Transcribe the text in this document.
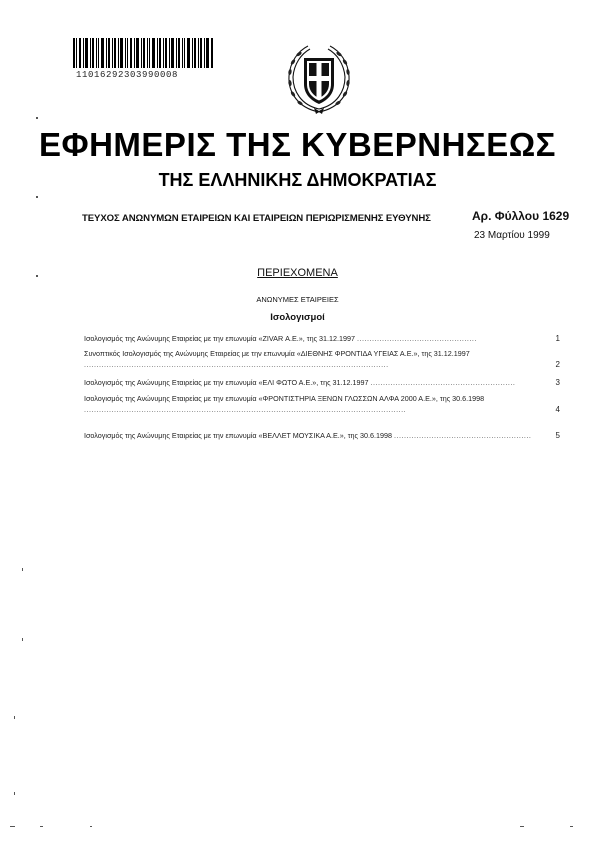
11016292303990008
ΕΦΗΜΕΡΙΣ ΤΗΣ ΚΥΒΕΡΝΗΣΕΩΣ
ΤΗΣ ΕΛΛΗΝΙΚΗΣ ΔΗΜΟΚΡΑΤΙΑΣ
ΤΕΥΧΟΣ ΑΝΩΝΥΜΩΝ ΕΤΑΙΡΕΙΩΝ ΚΑΙ ΕΤΑΙΡΕΙΩΝ ΠΕΡΙΩΡΙΣΜΕΝΗΣ ΕΥΘΥΝΗΣ	Αρ. Φύλλου 1629
23 Μαρτίου 1999
ΠΕΡΙΕΧΟΜΕΝΑ
ΑΝΩΝΥΜΕΣ ΕΤΑΙΡΕΙΕΣ
Ισολογισμοί
Ισολογισμός της Ανώνυμης Εταιρείας με την επωνυμία «ZIVAR Α.Ε.», της 31.12.1997 ................................................	1
Συνοπτικός Ισολογισμός της Ανώνυμης Εταιρείας με την επωνυμία «ΔΙΕΘΝΗΣ ΦΡΟΝΤΙΔΑ ΥΓΕΙΑΣ Α.Ε.», της 31.12.1997 ..........................................................................................................................	2
Ισολογισμός της Ανώνυμης Εταιρείας με την επωνυμία «ΕΛΙ ΦΩΤΟ Α.Ε.», της 31.12.1997 ..........................................................	3
Ισολογισμός της Ανώνυμης Εταιρείας με την επωνυμία «ΦΡΟΝΤΙΣΤΗΡΙΑ ΞΕΝΩΝ ΓΛΩΣΣΩΝ ΑΛΦΑ 2000 Α.Ε.», της 30.6.1998 .................................................................................................................................	4
Ισολογισμός της Ανώνυμης Εταιρείας με την επωνυμία «ΒΕΛΛΕΤ ΜΟΥΣΙΚΑ Α.Ε.», της 30.6.1998 .......................................................	5
